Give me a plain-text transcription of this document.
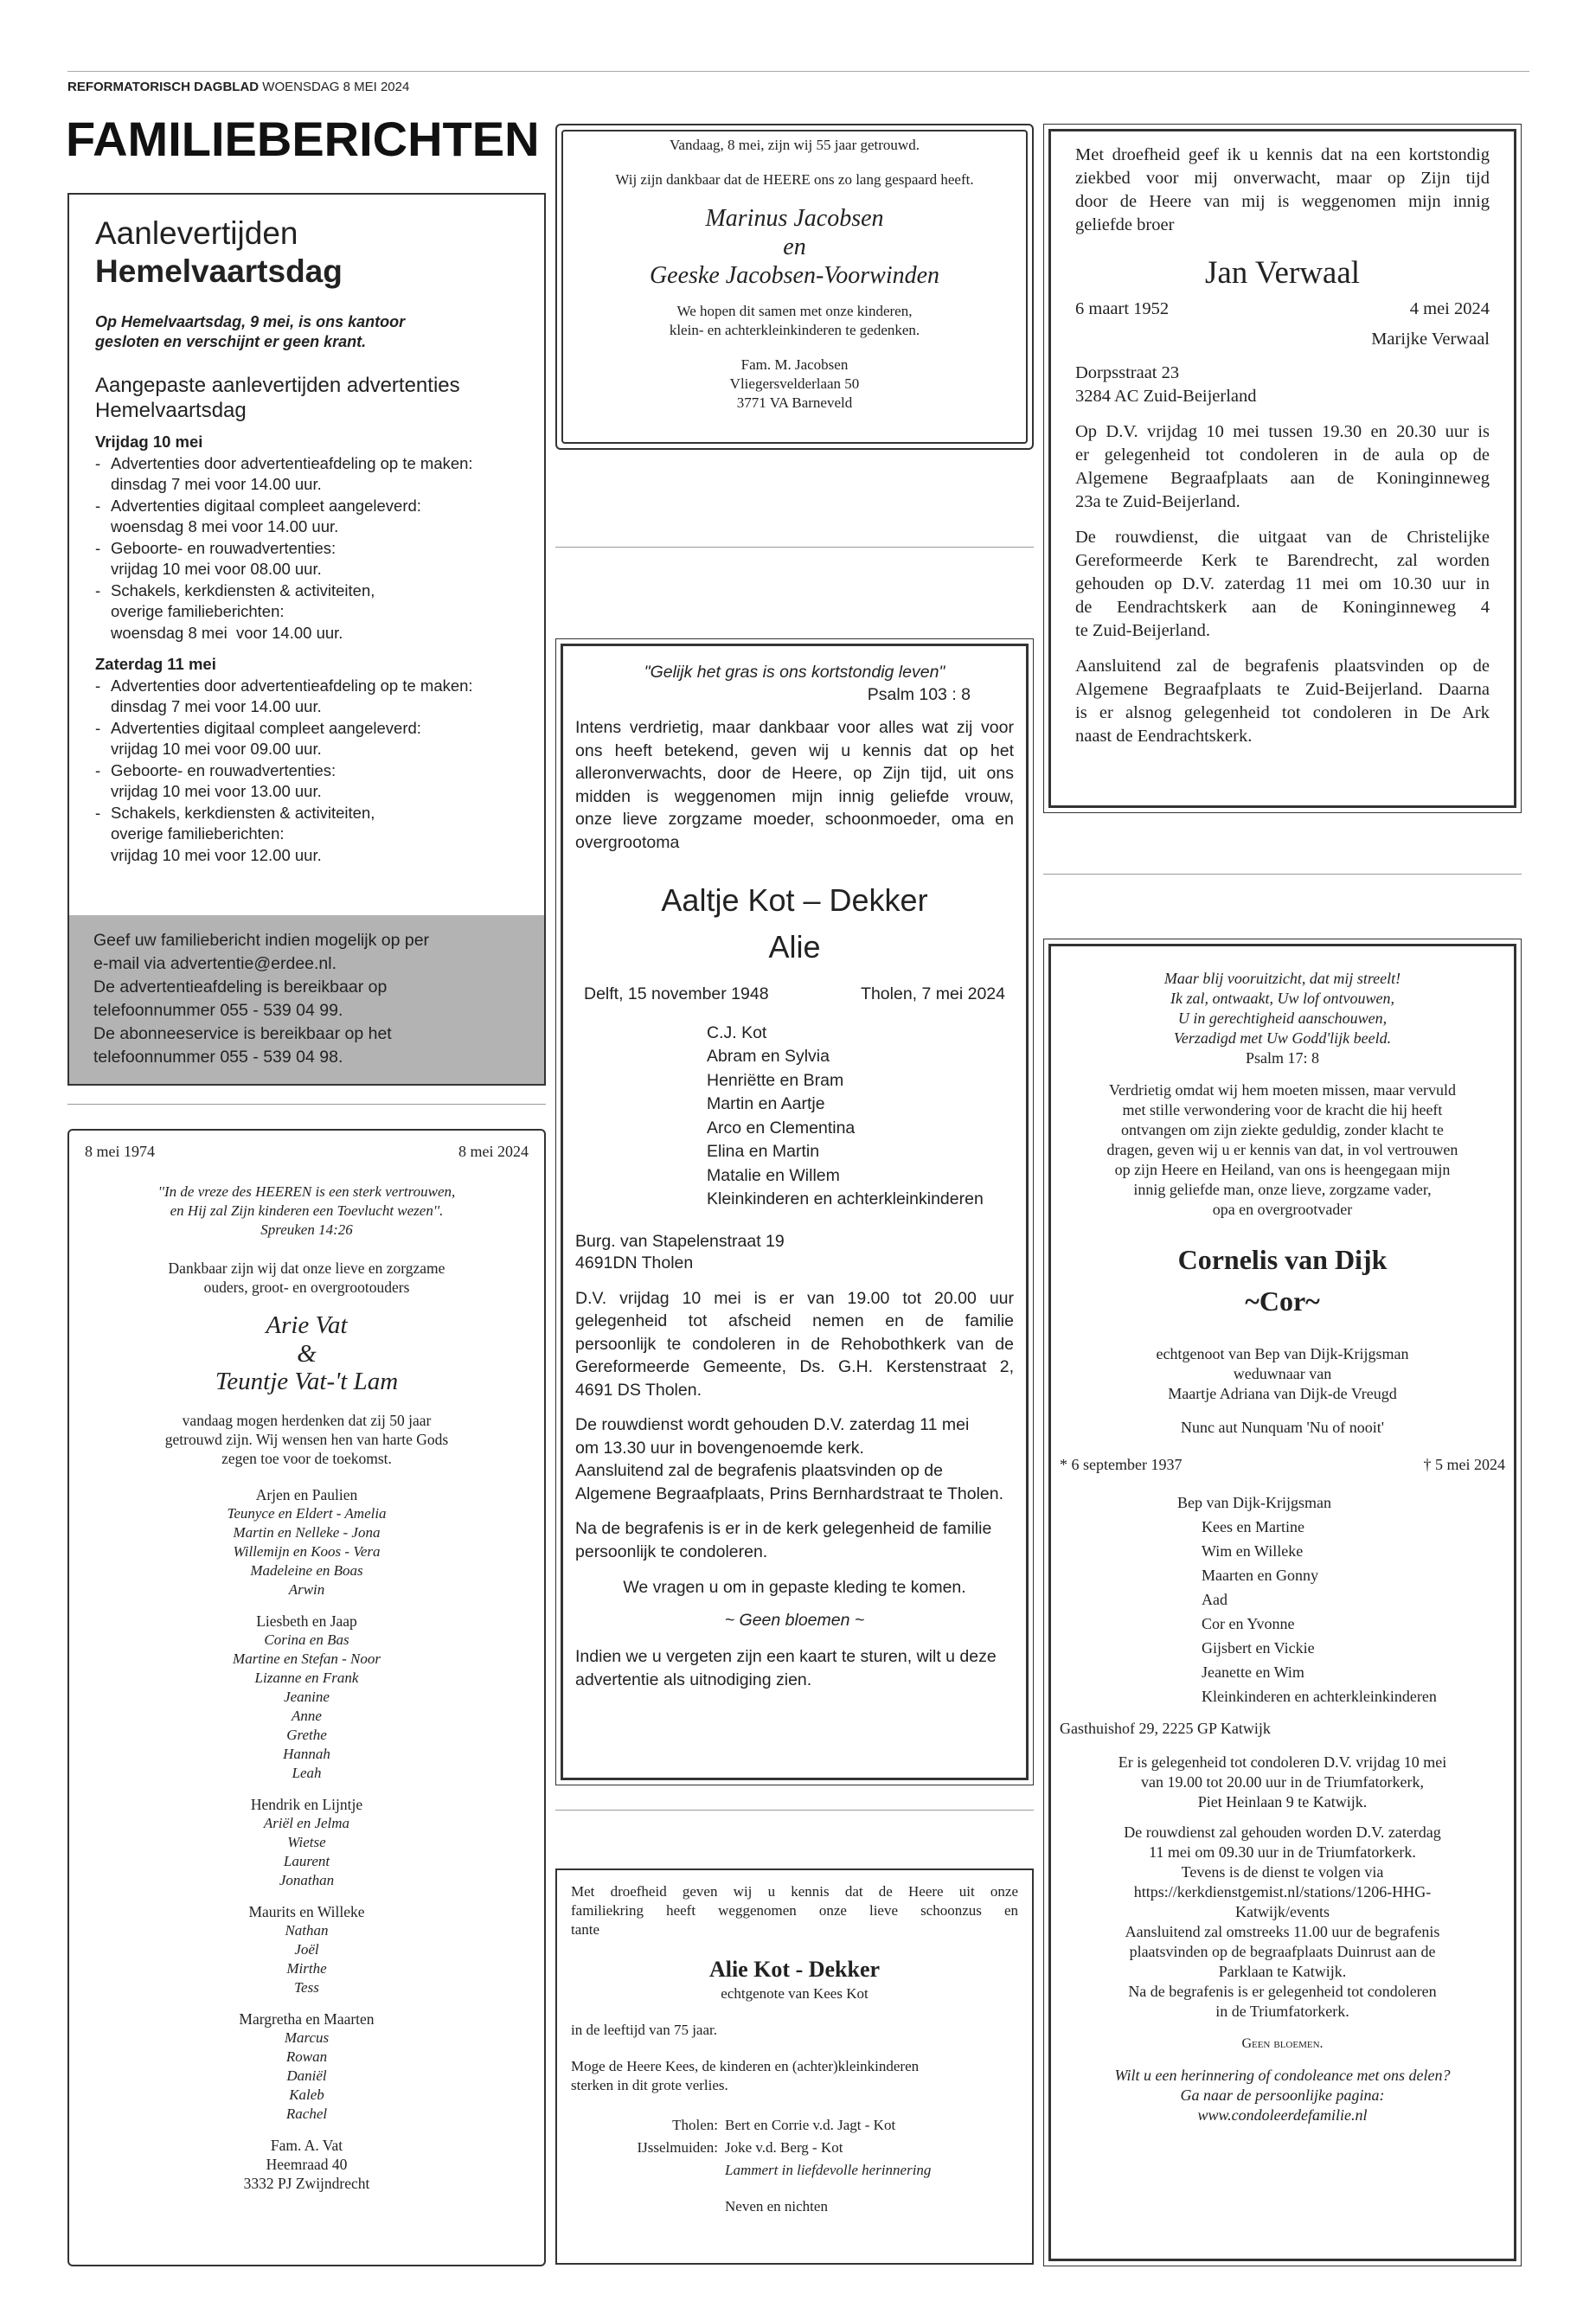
REFORMATORISCH DAGBLAD WOENSDAG 8 MEI 2024
FAMILIEBERICHTEN
Aanlevertijden
Hemelvaartsdag
Op Hemelvaartsdag, 9 mei, is ons kantoor
gesloten en verschijnt er geen krant.
Aangepaste aanlevertijden advertenties
Hemelvaartsdag
Vrijdag 10 mei
- Advertenties door advertentieafdeling op te maken:
dinsdag 7 mei voor 14.00 uur.
- Advertenties digitaal compleet aangeleverd:
woensdag 8 mei voor 14.00 uur.
- Geboorte- en rouwadvertenties:
vrijdag 10 mei voor 08.00 uur.
- Schakels, kerkdiensten & activiteiten,
overige familieberichten:
woensdag 8 mei  voor 14.00 uur.
Zaterdag 11 mei
- Advertenties door advertentieafdeling op te maken:
dinsdag 7 mei voor 14.00 uur.
- Advertenties digitaal compleet aangeleverd:
vrijdag 10 mei voor 09.00 uur.
- Geboorte- en rouwadvertenties:
vrijdag 10 mei voor 13.00 uur.
- Schakels, kerkdiensten & activiteiten,
overige familieberichten:
vrijdag 10 mei voor 12.00 uur.
Geef uw familiebericht indien mogelijk op per
e-mail via advertentie@erdee.nl.
De advertentieafdeling is bereikbaar op
telefoonnummer 055 - 539 04 99.
De abonneeservice is bereikbaar op het
telefoonnummer 055 - 539 04 98.
8 mei 1974	8 mei 2024
''In de vreze des HEEREN is een sterk vertrouwen,
en Hij zal Zijn kinderen een Toevlucht wezen''.
Spreuken 14:26
Dankbaar zijn wij dat onze lieve en zorgzame
ouders, groot- en overgrootouders
Arie Vat
&
Teuntje Vat-'t Lam
vandaag mogen herdenken dat zij 50 jaar
getrouwd zijn. Wij wensen hen van harte Gods
zegen toe voor de toekomst.
Arjen en Paulien
Teunyce en Eldert - Amelia
Martin en Nelleke - Jona
Willemijn en Koos - Vera
Madeleine en Boas
Arwin
Liesbeth en Jaap
Corina en Bas
Martine en Stefan - Noor
Lizanne en Frank
Jeanine
Anne
Grethe
Hannah
Leah
Hendrik en Lijntje
Ariël en Jelma
Wietse
Laurent
Jonathan
Maurits en Willeke
Nathan
Joël
Mirthe
Tess
Margretha en Maarten
Marcus
Rowan
Daniël
Kaleb
Rachel
Fam. A. Vat
Heemraad 40
3332 PJ Zwijndrecht
Vandaag, 8 mei, zijn wij 55 jaar getrouwd.
Wij zijn dankbaar dat de HEERE ons zo lang gespaard heeft.
Marinus Jacobsen
en
Geeske Jacobsen-Voorwinden
We hopen dit samen met onze kinderen,
klein- en achterkleinkinderen te gedenken.
Fam. M. Jacobsen
Vliegersvelderlaan 50
3771 VA Barneveld
"Gelijk het gras is ons kortstondig leven"
Psalm 103 : 8
Intens verdrietig, maar dankbaar voor alles wat zij voor
ons heeft betekend, geven wij u kennis dat op het
alleronverwachts, door de Heere, op Zijn tijd, uit ons
midden is weggenomen mijn innig geliefde vrouw,
onze lieve zorgzame moeder, schoonmoeder, oma en
overgrootoma
Aaltje Kot – Dekker
Alie
Delft, 15 november 1948	Tholen, 7 mei 2024
C.J. Kot
Abram en Sylvia
Henriëtte en Bram
Martin en Aartje
Arco en Clementina
Elina en Martin
Matalie en Willem
Kleinkinderen en achterkleinkinderen
Burg. van Stapelenstraat 19
4691DN Tholen
D.V. vrijdag 10 mei is er van 19.00 tot 20.00 uur
gelegenheid tot afscheid nemen en de familie
persoonlijk te condoleren in de Rehobothkerk van de
Gereformeerde Gemeente, Ds. G.H. Kerstenstraat 2,
4691 DS Tholen.
De rouwdienst wordt gehouden D.V. zaterdag 11 mei
om 13.30 uur in bovengenoemde kerk.
Aansluitend zal de begrafenis plaatsvinden op de
Algemene Begraafplaats, Prins Bernhardstraat te Tholen.
Na de begrafenis is er in de kerk gelegenheid de familie
persoonlijk te condoleren.
We vragen u om in gepaste kleding te komen.
~ Geen bloemen ~
Indien we u vergeten zijn een kaart te sturen, wilt u deze
advertentie als uitnodiging zien.
Met droefheid geven wij u kennis dat de Heere uit onze
familiekring heeft weggenomen onze lieve schoonzus en
tante
Alie Kot - Dekker
echtgenote van Kees Kot
in de leeftijd van 75 jaar.
Moge de Heere Kees, de kinderen en (achter)kleinkinderen
sterken in dit grote verlies.
Tholen: Bert en Corrie v.d. Jagt - Kot
IJsselmuiden: Joke v.d. Berg - Kot
Lammert in liefdevolle herinnering
Neven en nichten
Met droefheid geef ik u kennis dat na een kortstondig
ziekbed voor mij onverwacht, maar op Zijn tijd
door de Heere van mij is weggenomen mijn innig
geliefde broer
Jan Verwaal
6 maart 1952	4 mei 2024
Marijke Verwaal
Dorpsstraat 23
3284 AC Zuid-Beijerland
Op D.V. vrijdag 10 mei tussen 19.30 en 20.30 uur is
er gelegenheid tot condoleren in de aula op de
Algemene Begraafplaats aan de Koninginneweg
23a te Zuid-Beijerland.
De rouwdienst, die uitgaat van de Christelijke
Gereformeerde Kerk te Barendrecht, zal worden
gehouden op D.V. zaterdag 11 mei om 10.30 uur in
de Eendrachtskerk aan de Koninginneweg 4
te Zuid-Beijerland.
Aansluitend zal de begrafenis plaatsvinden op de
Algemene Begraafplaats te Zuid-Beijerland. Daarna
is er alsnog gelegenheid tot condoleren in De Ark
naast de Eendrachtskerk.
Maar blij vooruitzicht, dat mij streelt!
Ik zal, ontwaakt, Uw lof ontvouwen,
U in gerechtigheid aanschouwen,
Verzadigd met Uw Godd'lijk beeld.
Psalm 17: 8
Verdrietig omdat wij hem moeten missen, maar vervuld
met stille verwondering voor de kracht die hij heeft
ontvangen om zijn ziekte geduldig, zonder klacht te
dragen, geven wij u er kennis van dat, in vol vertrouwen
op zijn Heere en Heiland, van ons is heengegaan mijn
innig geliefde man, onze lieve, zorgzame vader,
opa en overgrootvader
Cornelis van Dijk
~Cor~
echtgenoot van Bep van Dijk-Krijgsman
weduwnaar van
Maartje Adriana van Dijk-de Vreugd
Nunc aut Nunquam 'Nu of nooit'
* 6 september 1937	† 5 mei 2024
Bep van Dijk-Krijgsman
Kees en Martine
Wim en Willeke
Maarten en Gonny
Aad
Cor en Yvonne
Gijsbert en Vickie
Jeanette en Wim
Kleinkinderen en achterkleinkinderen
Gasthuishof 29, 2225 GP Katwijk
Er is gelegenheid tot condoleren D.V. vrijdag 10 mei
van 19.00 tot 20.00 uur in de Triumfatorkerk,
Piet Heinlaan 9 te Katwijk.
De rouwdienst zal gehouden worden D.V. zaterdag
11 mei om 09.30 uur in de Triumfatorkerk.
Tevens is de dienst te volgen via
https://kerkdienstgemist.nl/stations/1206-HHG-
Katwijk/events
Aansluitend zal omstreeks 11.00 uur de begrafenis
plaatsvinden op de begraafplaats Duinrust aan de
Parklaan te Katwijk.
Na de begrafenis is er gelegenheid tot condoleren
in de Triumfatorkerk.
Geen bloemen.
Wilt u een herinnering of condoleance met ons delen?
Ga naar de persoonlijke pagina:
www.condoleerdefamilie.nl
